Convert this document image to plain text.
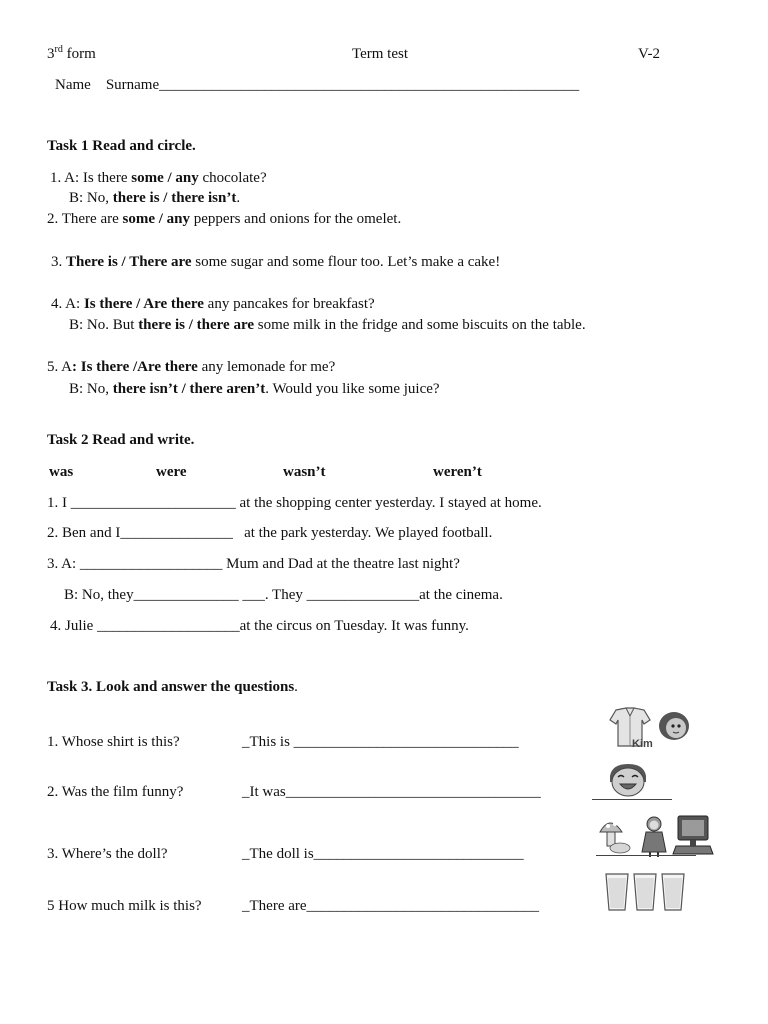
3rd form	Term test	V-2
Name    Surname________________________________________________________
Task 1 Read and circle.
1. A: Is there some / any chocolate?
B: No, there is / there isn’t.
2. There are some / any peppers and onions for the omelet.
3. There is / There are some sugar and some flour too. Let’s make a cake!
4. A: Is there / Are there any pancakes for breakfast?
B: No. But there is / there are some milk in the fridge and some biscuits on the table.
5. A: Is there /Are there any lemonade for me?
B: No, there isn’t / there aren’t. Would you like some juice?
Task 2 Read and write.
was	were	wasn’t	weren’t
1. I ______________________ at the shopping center yesterday. I stayed at home.
2. Ben and I_______________   at the park yesterday. We played football.
3. A: ___________________ Mum and Dad at the theatre last night?
B: No, they______________ ___. They _______________at the cinema.
4. Julie ___________________at the circus on Tuesday. It was funny.
Task 3. Look and answer the questions.
1. Whose shirt is this?	_This is ______________________________
2. Was the film funny?	_It was__________________________________
3. Where’s the doll?	_The doll is____________________________
5 How much milk is this?	_There are_______________________________
Kim
